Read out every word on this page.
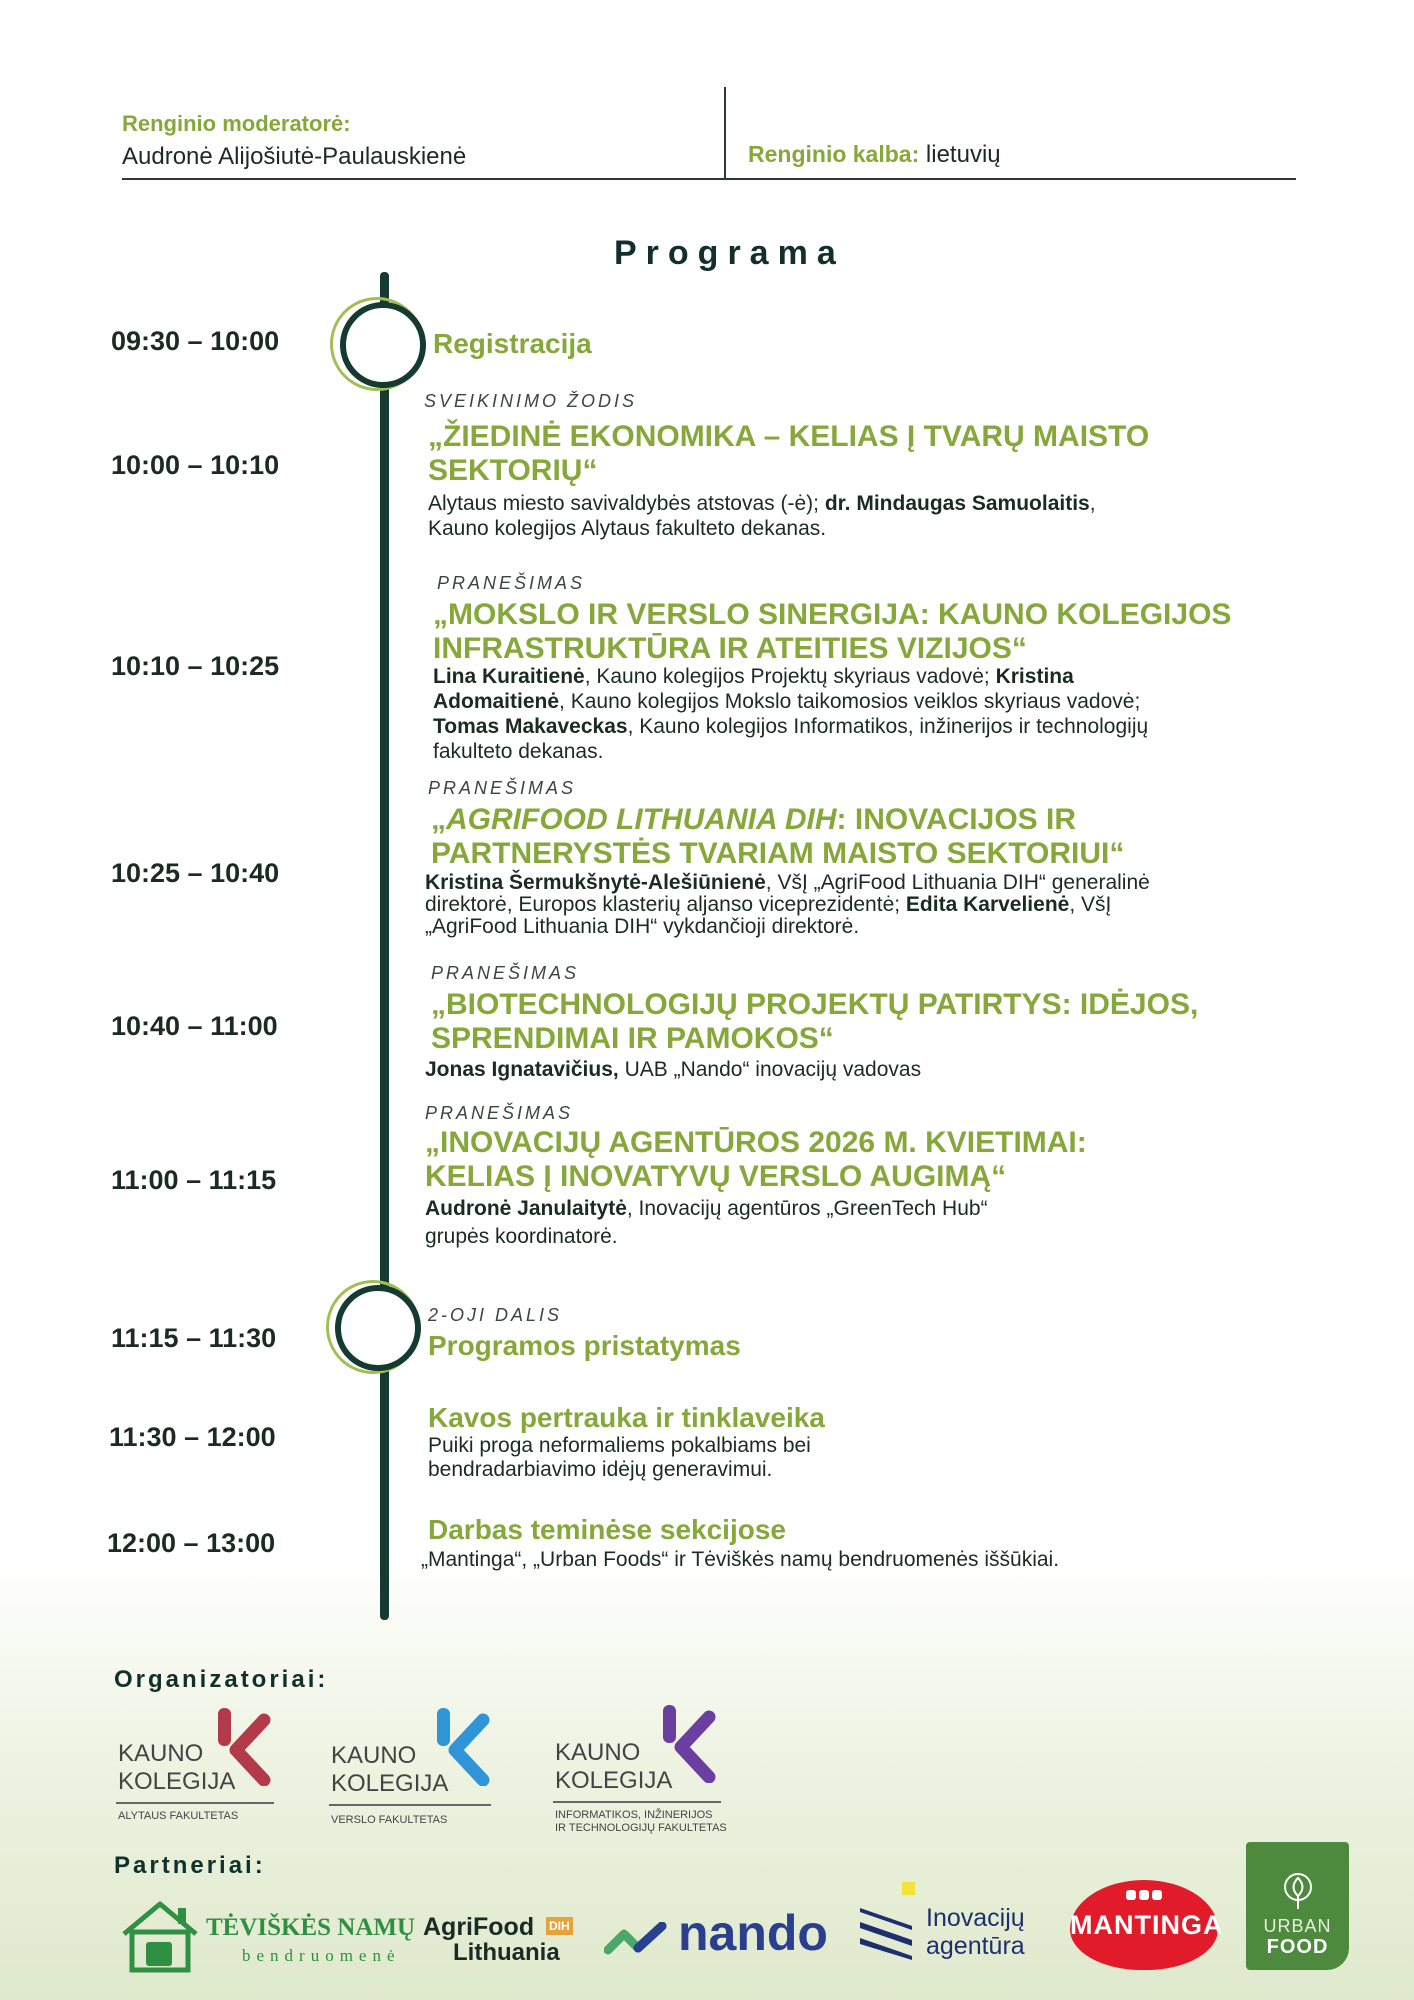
Renginio moderatorė:
Audronė Alijošiutė-Paulauskienė	Renginio kalba: lietuvių
Programa
09:30 – 10:00	Registracija
10:00 – 10:10
SVEIKINIMO ŽODIS
„ŽIEDINĖ EKONOMIKA – KELIAS Į TVARŲ MAISTO
SEKTORIŲ“
Alytaus miesto savivaldybės atstovas (-ė); dr. Mindaugas Samuolaitis,
Kauno kolegijos Alytaus fakulteto dekanas.
10:10 – 10:25
PRANEŠIMAS
„MOKSLO IR VERSLO SINERGIJA: KAUNO KOLEGIJOS
INFRASTRUKTŪRA IR ATEITIES VIZIJOS“
Lina Kuraitienė, Kauno kolegijos Projektų skyriaus vadovė; Kristina
Adomaitienė, Kauno kolegijos Mokslo taikomosios veiklos skyriaus vadovė;
Tomas Makaveckas, Kauno kolegijos Informatikos, inžinerijos ir technologijų
fakulteto dekanas.
10:25 – 10:40
PRANEŠIMAS
„AGRIFOOD LITHUANIA DIH: INOVACIJOS IR
PARTNERYSTĖS TVARIAM MAISTO SEKTORIUI“
Kristina Šermukšnytė-Alešiūnienė, VšĮ „AgriFood Lithuania DIH“ generalinė
direktorė, Europos klasterių aljanso viceprezidentė; Edita Karvelienė, VšĮ
„AgriFood Lithuania DIH“ vykdančioji direktorė.
10:40 – 11:00
PRANEŠIMAS
„BIOTECHNOLOGIJŲ PROJEKTŲ PATIRTYS: IDĖJOS,
SPRENDIMAI IR PAMOKOS“
Jonas Ignatavičius, UAB „Nando“ inovacijų vadovas
11:00 – 11:15
PRANEŠIMAS
„INOVACIJŲ AGENTŪROS 2026 M. KVIETIMAI:
KELIAS Į INOVATYVŲ VERSLO AUGIMĄ“
Audronė Janulaitytė, Inovacijų agentūros „GreenTech Hub“
grupės koordinatorė.
11:15 – 11:30
2-OJI DALIS
Programos pristatymas
11:30 – 12:00
Kavos pertrauka ir tinklaveika
Puiki proga neformaliems pokalbiams bei
bendradarbiavimo idėjų generavimui.
12:00 – 13:00	Darbas teminėse sekcijose
„Mantinga“, „Urban Foods“ ir Tėviškės namų bendruomenės iššūkiai.
Organizatoriai:
KAUNO
KOLEGIJA
ALYTAUS FAKULTETAS
KAUNO
KOLEGIJA
VERSLO FAKULTETAS
KAUNO
KOLEGIJA
INFORMATIKOS, INŽINERIJOS
IR TECHNOLOGIJŲ FAKULTETAS
Partneriai:
TĖVIŠKĖS NAMŲ
bendruomenė
AgriFood DIH
Lithuania nando	Inovacijų
agentūra
MANTINGA	URBAN
FOOD
